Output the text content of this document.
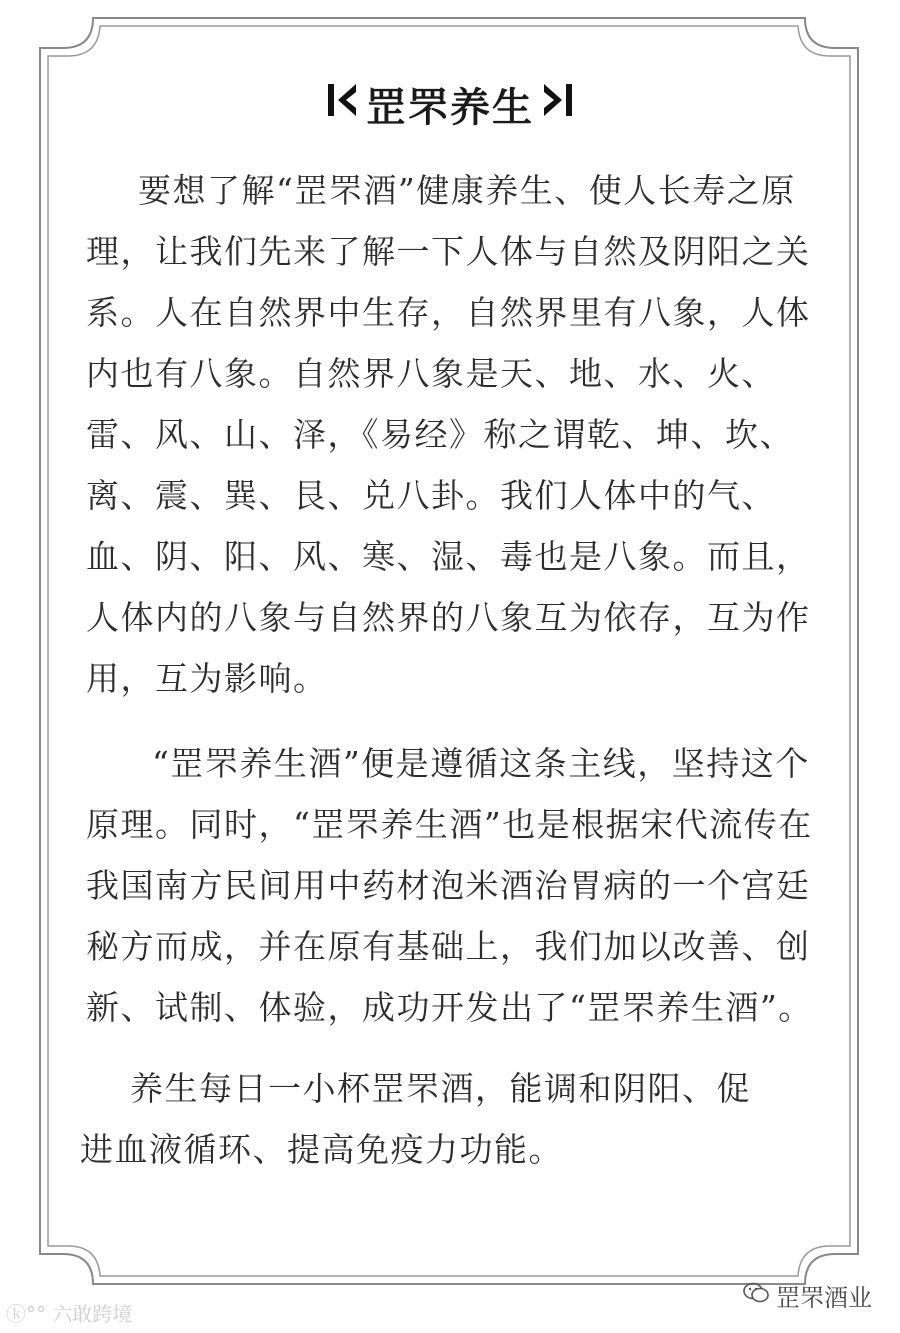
罡罘养生
要想了解“罡罘酒”健康养生、使人长寿之原理，让我们先来了解一下人体与自然及阴阳之关系。人在自然界中生存，自然界里有八象，人体内也有八象。自然界八象是天、地、水、火、雷、风、山、泽，《易经》称之谓乾、坤、坎、离、震、巽、艮、兑八卦。我们人体中的气、血、阴、阳、风、寒、湿、毒也是八象。而且，人体内的八象与自然界的八象互为依存，互为作用，互为影响。
“罡罘养生酒”便是遵循这条主线，坚持这个原理。同时，“罡罘养生酒”也是根据宋代流传在我国南方民间用中药材泡米酒治胃病的一个宫廷秘方而成，并在原有基础上，我们加以改善、创新、试制、体验，成功开发出了“罡罘养生酒”。
养生每日一小杯罡罘酒，能调和阴阳、促进血液循环、提高免疫力功能。
ⓚ°° 六敢跨境
罡罘酒业
